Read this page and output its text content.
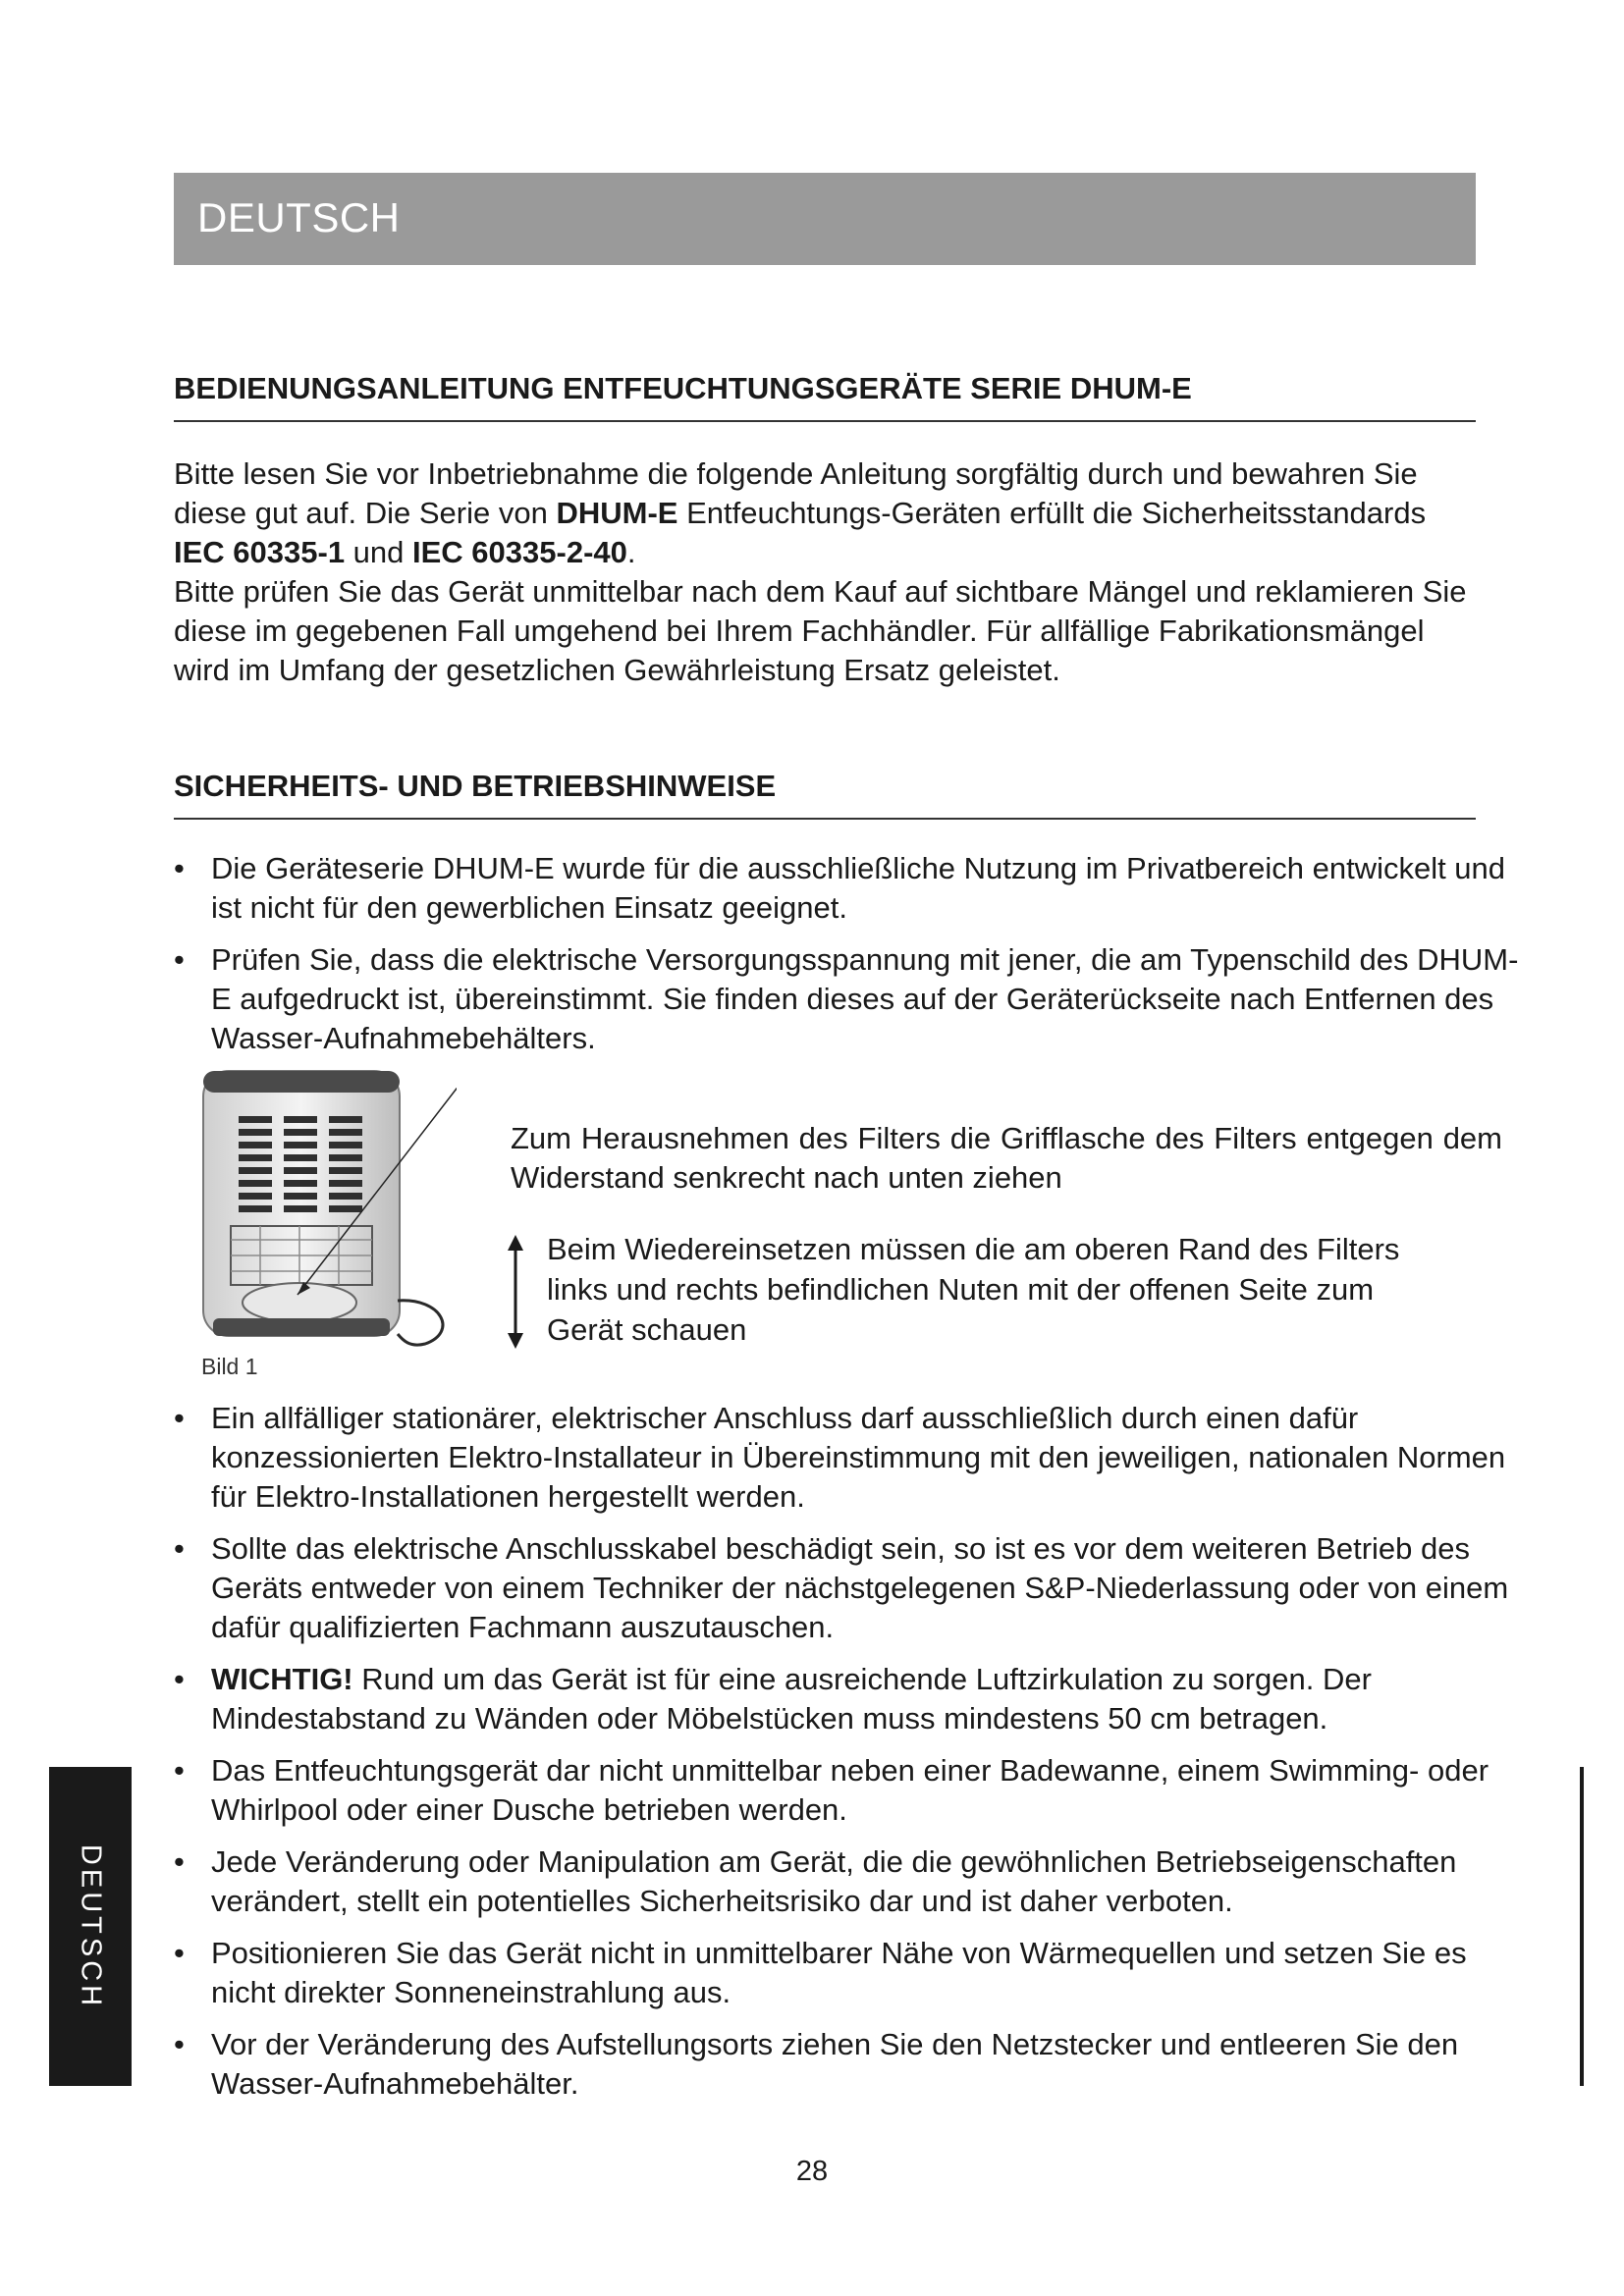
DEUTSCH
BEDIENUNGSANLEITUNG ENTFEUCHTUNGSGERÄTE SERIE DHUM-E

Bitte lesen Sie vor Inbetriebnahme die folgende Anleitung sorgfältig durch und bewahren Sie diese gut auf. Die Serie von DHUM-E Entfeuchtungs-Geräten erfüllt die Sicherheitsstandards IEC 60335-1 und IEC 60335-2-40.

Bitte prüfen Sie das Gerät unmittelbar nach dem Kauf auf sichtbare Mängel und reklamieren Sie diese im gegebenen Fall umgehend bei Ihrem Fachhändler. Für allfällige Fabrikationsmängel wird im Umfang der gesetzlichen Gewährleistung Ersatz geleistet.

SICHERHEITS- UND BETRIEBSHINWEISE
• Die Geräteserie DHUM-E wurde für die ausschließliche Nutzung im Privatbereich entwickelt und ist nicht für den gewerblichen Einsatz geeignet.
• Prüfen Sie, dass die elektrische Versorgungsspannung mit jener, die am Typenschild des DHUM-E aufgedruckt ist, übereinstimmt. Sie finden dieses auf der Geräterückseite nach Entfernen des Wasser-Aufnahmebehälters.
Bild 1
Zum Herausnehmen des Filters die Grifflasche des Filters entgegen dem Widerstand senkrecht nach unten ziehen
Beim Wiedereinsetzen müssen die am oberen Rand des Filters links und rechts befindlichen Nuten mit der offenen Seite zum Gerät schauen
• Ein allfälliger stationärer, elektrischer Anschluss darf ausschließlich durch einen dafür konzessionierten Elektro-Installateur in Übereinstimmung mit den jeweiligen, nationalen Normen für Elektro-Installationen hergestellt werden.
• Sollte das elektrische Anschlusskabel beschädigt sein, so ist es vor dem weiteren Betrieb des Geräts entweder von einem Techniker der nächstgelegenen S&P-Niederlassung oder von einem dafür qualifizierten Fachmann auszutauschen.
• WICHTIG! Rund um das Gerät ist für eine ausreichende Luftzirkulation zu sorgen. Der Mindestabstand zu Wänden oder Möbelstücken muss mindestens 50 cm betragen.
• Das Entfeuchtungsgerät dar nicht unmittelbar neben einer Badewanne, einem Swimming- oder Whirlpool oder einer Dusche betrieben werden.
• Jede Veränderung oder Manipulation am Gerät, die die gewöhnlichen Betriebseigenschaften verändert, stellt ein potentielles Sicherheitsrisiko dar und ist daher verboten.
• Positionieren Sie das Gerät nicht in unmittelbarer Nähe von Wärmequellen und setzen Sie es nicht direkter Sonneneinstrahlung aus.
• Vor der Veränderung des Aufstellungsorts ziehen Sie den Netzstecker und entleeren Sie den Wasser-Aufnahmebehälter.
DEUTSCH
28
